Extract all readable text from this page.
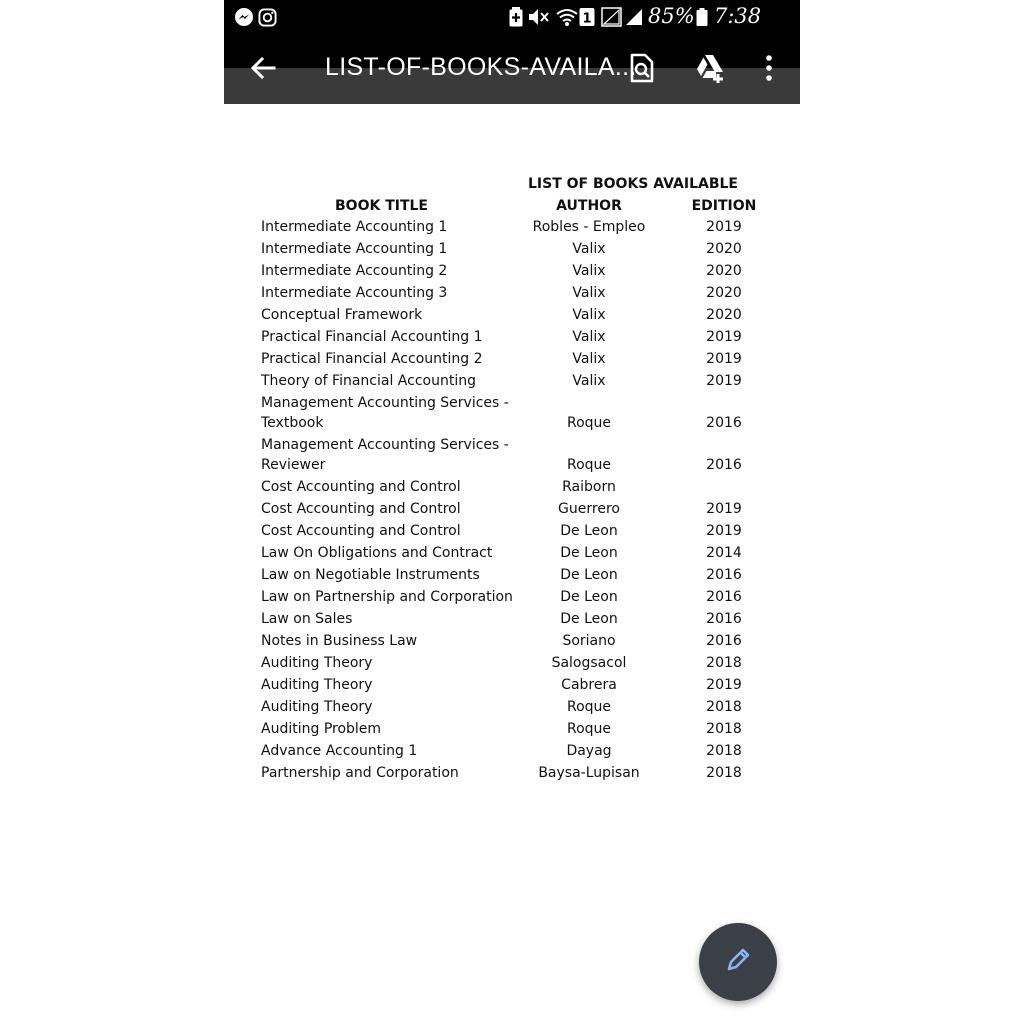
1	85% 7:38
LIST-OF-BOOKS-AVAILA...
LIST OF BOOKS AVAILABLE
BOOK TITLE	AUTHOR	EDITION
Intermediate Accounting 1	Robles - Empleo	2019
Intermediate Accounting 1	Valix	2020
Intermediate Accounting 2	Valix	2020
Intermediate Accounting 3	Valix	2020
Conceptual Framework	Valix	2020
Practical Financial Accounting 1	Valix	2019
Practical Financial Accounting 2	Valix	2019
Theory of Financial Accounting	Valix	2019
Management Accounting Services -
Textbook	Roque	2016
Management Accounting Services -
Reviewer	Roque	2016
Cost Accounting and Control	Raiborn
Cost Accounting and Control	Guerrero	2019
Cost Accounting and Control	De Leon	2019
Law On Obligations and Contract	De Leon	2014
Law on Negotiable Instruments	De Leon	2016
Law on Partnership and Corporation	De Leon	2016
Law on Sales	De Leon	2016
Notes in Business Law	Soriano	2016
Auditing Theory	Salogsacol	2018
Auditing Theory	Cabrera	2019
Auditing Theory	Roque	2018
Auditing Problem	Roque	2018
Advance Accounting 1	Dayag	2018
Partnership and Corporation	Baysa-Lupisan	2018
